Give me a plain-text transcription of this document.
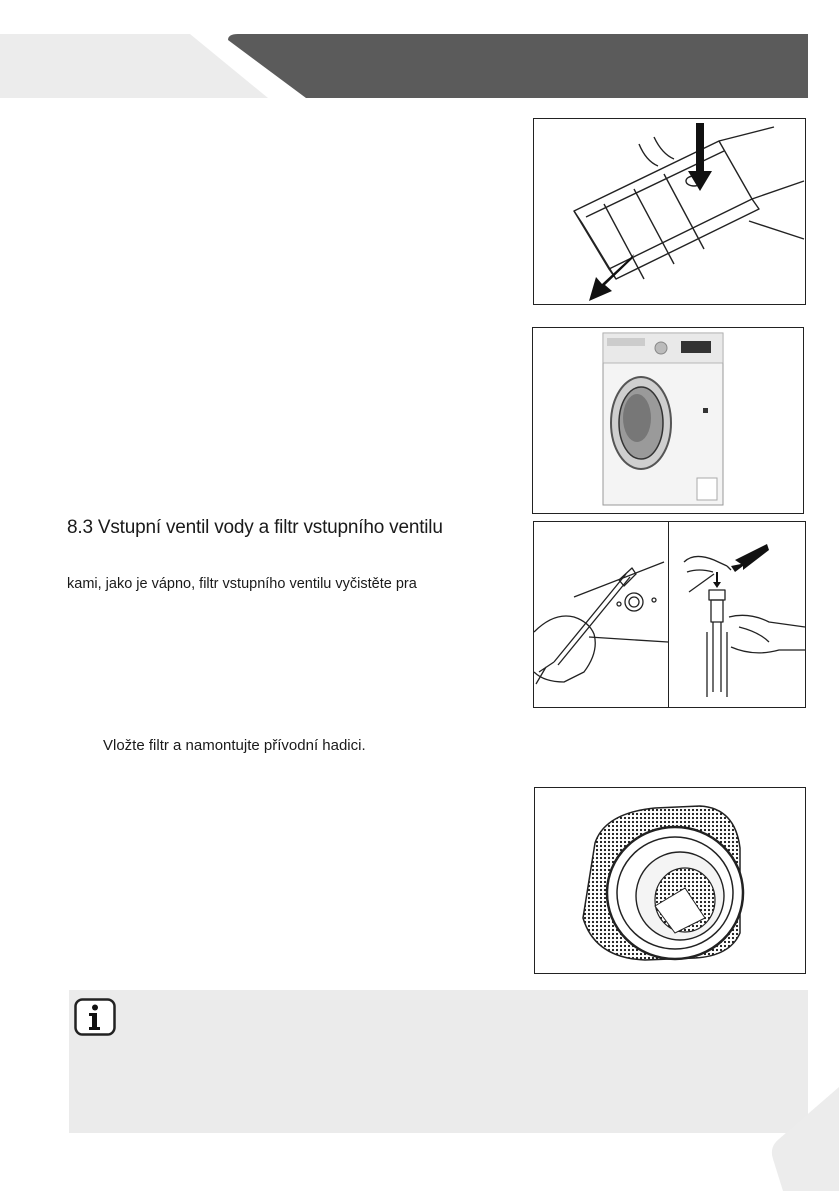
8.3 Vstupní ventil vody a filtr vstupního ventilu
kami, jako je vápno, filtr vstupního ventilu vyčistěte pra
Vložte filtr a namontujte přívodní hadici.
